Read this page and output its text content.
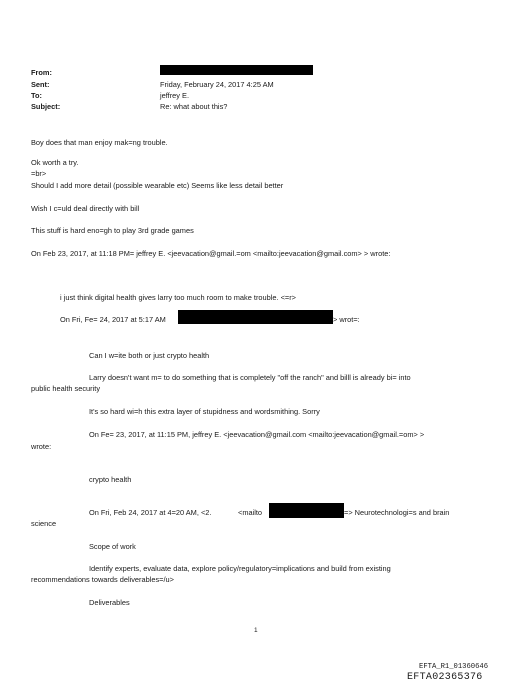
From:
Sent:	Friday, February 24, 2017 4:25 AM
To:	jeffrey E.
Subject:	Re: what about this?
Boy does that man enjoy mak=ng trouble.
Ok worth a try.
=br>
Should I add more detail (possible wearable etc) Seems like less detail better
Wish I c=uld deal directly with bill
This stuff is hard eno=gh to play 3rd grade games
On Feb 23, 2017, at 11:18 PM= jeffrey E. <jeevacation@gmail.=om <mailto:jeevacation@gmail.com> > wrote:
i just think digital health gives larry too much room to make trouble. <=r>
On Fri, Fe= 24, 2017 at 5:17 AM	> wrot=:
Can I w=ite both or just crypto health
Larry doesn't want m= to do something that is completely "off the ranch" and billl is already bi= into
public health security
It's so hard wi=h this extra layer of stupidness and wordsmithing. Sorry
On Fe= 23, 2017, at 11:15 PM, jeffrey E. <jeevacation@gmail.com <mailto:jeevacation@gmail.=om> >
wrote:
crypto health
On Fri, Feb 24, 2017 at 4=20 AM, <2.	<mailto	=> Neurotechnologi=s and brain
science
Scope of work
Identify experts, evaluate data, explore policy/regulatory=implications and build from existing
recommendations towards deliverables=/u>
Deliverables
1
EFTA_R1_01360646
EFTA02365376
